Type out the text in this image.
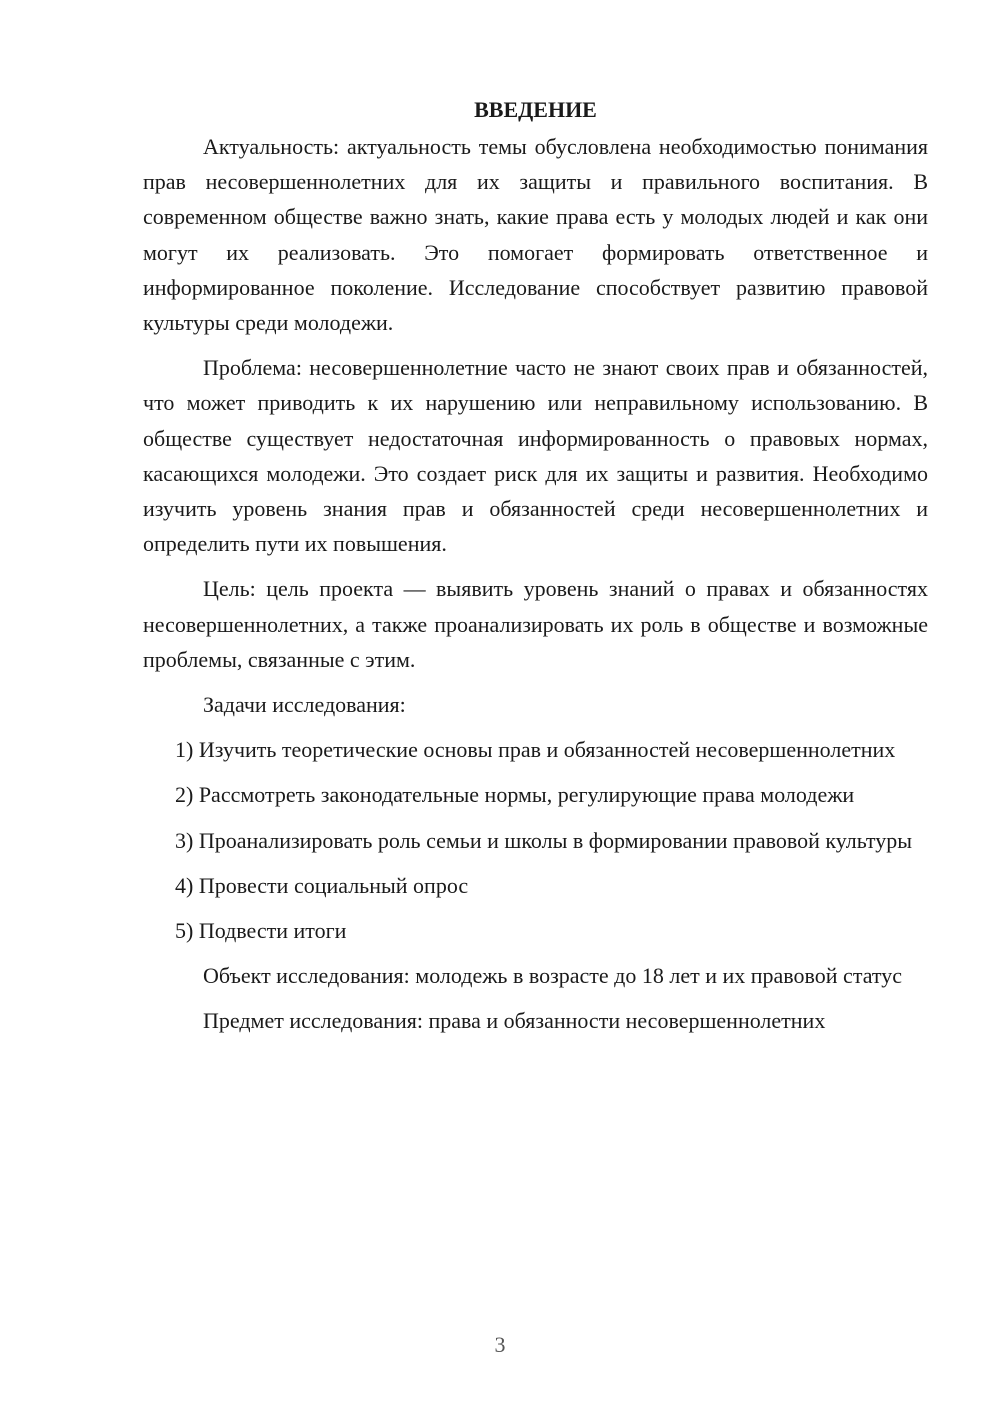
ВВЕДЕНИЕ

Актуальность: актуальность темы обусловлена необходимостью понимания прав несовершеннолетних для их защиты и правильного воспитания. В современном обществе важно знать, какие права есть у молодых людей и как они могут их реализовать. Это помогает формировать ответственное и информированное поколение. Исследование способствует развитию правовой культуры среди молодежи.

Проблема: несовершеннолетние часто не знают своих прав и обязанностей, что может приводить к их нарушению или неправильному использованию. В обществе существует недостаточная информированность о правовых нормах, касающихся молодежи. Это создает риск для их защиты и развития. Необходимо изучить уровень знания прав и обязанностей среди несовершеннолетних и определить пути их повышения.

Цель: цель проекта — выявить уровень знаний о правах и обязанностях несовершеннолетних, а также проанализировать их роль в обществе и возможные проблемы, связанные с этим.

Задачи исследования:

1) Изучить теоретические основы прав и обязанностей несовершеннолетних

2) Рассмотреть законодательные нормы, регулирующие права молодежи

3) Проанализировать роль семьи и школы в формировании правовой культуры

4) Провести социальный опрос

5) Подвести итоги

Объект исследования: молодежь в возрасте до 18 лет и их правовой статус

Предмет исследования: права и обязанности несовершеннолетних

3
